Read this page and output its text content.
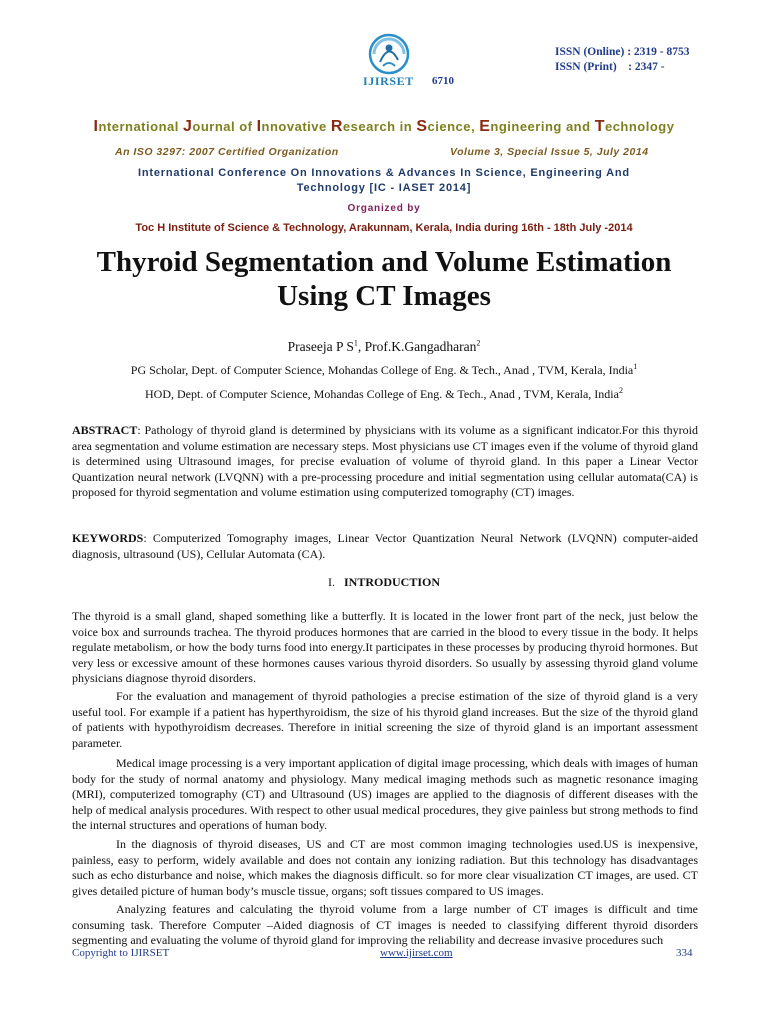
IJIRSET 6710
ISSN (Online) : 2319 - 8753
ISSN (Print)    : 2347 -
International Journal of Innovative Research in Science, Engineering and Technology
An ISO 3297: 2007 Certified Organization	Volume 3, Special Issue 5, July 2014
International Conference On Innovations & Advances In Science, Engineering And
Technology [IC - IASET 2014]
Organized by
Toc H Institute of Science & Technology, Arakunnam, Kerala, India during 16th - 18th July -2014
Thyroid Segmentation and Volume Estimation
Using CT Images
Praseeja P $S^1$, Prof.K.Gangadharan$^2$
PG Scholar, Dept. of Computer Science, Mohandas College of Eng. & Tech., Anad , TVM, Kerala, India$^1$
HOD, Dept. of Computer Science, Mohandas College of Eng. & Tech., Anad , TVM, Kerala, India$^2$
ABSTRACT: Pathology of thyroid gland is determined by physicians with its volume as a significant indicator.For this thyroid area segmentation and volume estimation are necessary steps. Most physicians use CT images even if the volume of thyroid gland is determined using Ultrasound images, for precise evaluation of volume of thyroid gland. In this paper a Linear Vector Quantization neural network (LVQNN) with a pre-processing procedure and initial segmentation using cellular automata(CA) is proposed for thyroid segmentation and volume estimation using computerized tomography (CT) images.
KEYWORDS: Computerized Tomography images, Linear Vector Quantization Neural Network (LVQNN) computer-aided diagnosis, ultrasound (US), Cellular Automata (CA).
I. INTRODUCTION
The thyroid is a small gland, shaped something like a butterfly. It is located in the lower front part of the neck, just below the voice box and surrounds trachea. The thyroid produces hormones that are carried in the blood to every tissue in the body. It helps regulate metabolism, or how the body turns food into energy.It participates in these processes by producing thyroid hormones. But very less or excessive amount of these hormones causes various thyroid disorders. So usually by assessing thyroid gland volume physicians diagnose thyroid disorders.
For the evaluation and management of thyroid pathologies a precise estimation of the size of thyroid gland is a very useful tool. For example if a patient has hyperthyroidism, the size of his thyroid gland increases. But the size of the thyroid gland of patients with hypothyroidism decreases. Therefore in initial screening the size of thyroid gland is an important assessment parameter.
Medical image processing is a very important application of digital image processing, which deals with images of human body for the study of normal anatomy and physiology. Many medical imaging methods such as magnetic resonance imaging (MRI), computerized tomography (CT) and Ultrasound (US) images are applied to the diagnosis of different diseases with the help of medical analysis procedures. With respect to other usual medical procedures, they give painless but strong methods to find the internal structures and operations of human body.
In the diagnosis of thyroid diseases, US and CT are most common imaging technologies used.US is inexpensive, painless, easy to perform, widely available and does not contain any ionizing radiation. But this technology has disadvantages such as echo disturbance and noise, which makes the diagnosis difficult. so for more clear visualization CT images, are used. CT gives detailed picture of human body’s muscle tissue, organs; soft tissues compared to US images.
Analyzing features and calculating the thyroid volume from a large number of CT images is difficult and time consuming task. Therefore Computer –Aided diagnosis of CT images is needed to classifying different thyroid disorders segmenting and evaluating the volume of thyroid gland for improving the reliability and decrease invasive procedures such
Copyright to IJIRSET	www.ijirset.com	334
